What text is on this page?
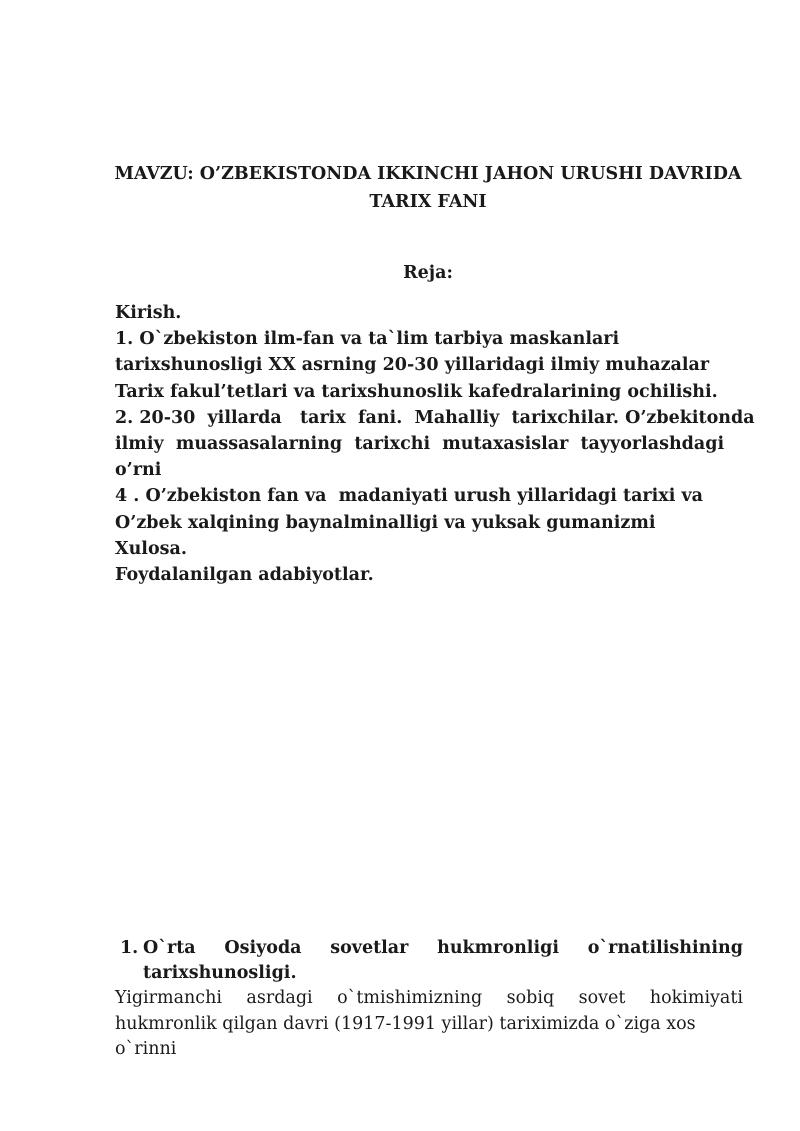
MAVZU: O’ZBEKISTONDA IKKINCHI JAHON URUSHI DAVRIDA
TARIX FANI
Reja:
Kirish.
1. O`zbekiston ilm-fan va ta`lim tarbiya maskanlari
tarixshunosligi XX asrning 20-30 yillaridagi ilmiy muhazalar
Tarix fakul’tetlari va tarixshunoslik kafedralarining ochilishi.
2. 20-30  yillarda   tarix  fani.  Mahalliy  tarixchilar. O’zbekitonda
ilmiy  muassasalarning  tarixchi  mutaxasislar  tayyorlashdagi
o’rni
4 . O’zbekiston fan va  madaniyati urush yillaridagi tarixi va
O’zbek xalqining baynalminalligi va yuksak gumanizmi
Xulosa.
Foydalanilgan adabiyotlar.
1. O`rta Osiyoda sovetlar hukmronligi o`rnatilishining
tarixshunosligi.
Yigirmanchi asrdagi o`tmishimizning sobiq sovet hokimiyati
hukmronlik qilgan davri (1917-1991 yillar) tariximizda o`ziga xos o`rinni
